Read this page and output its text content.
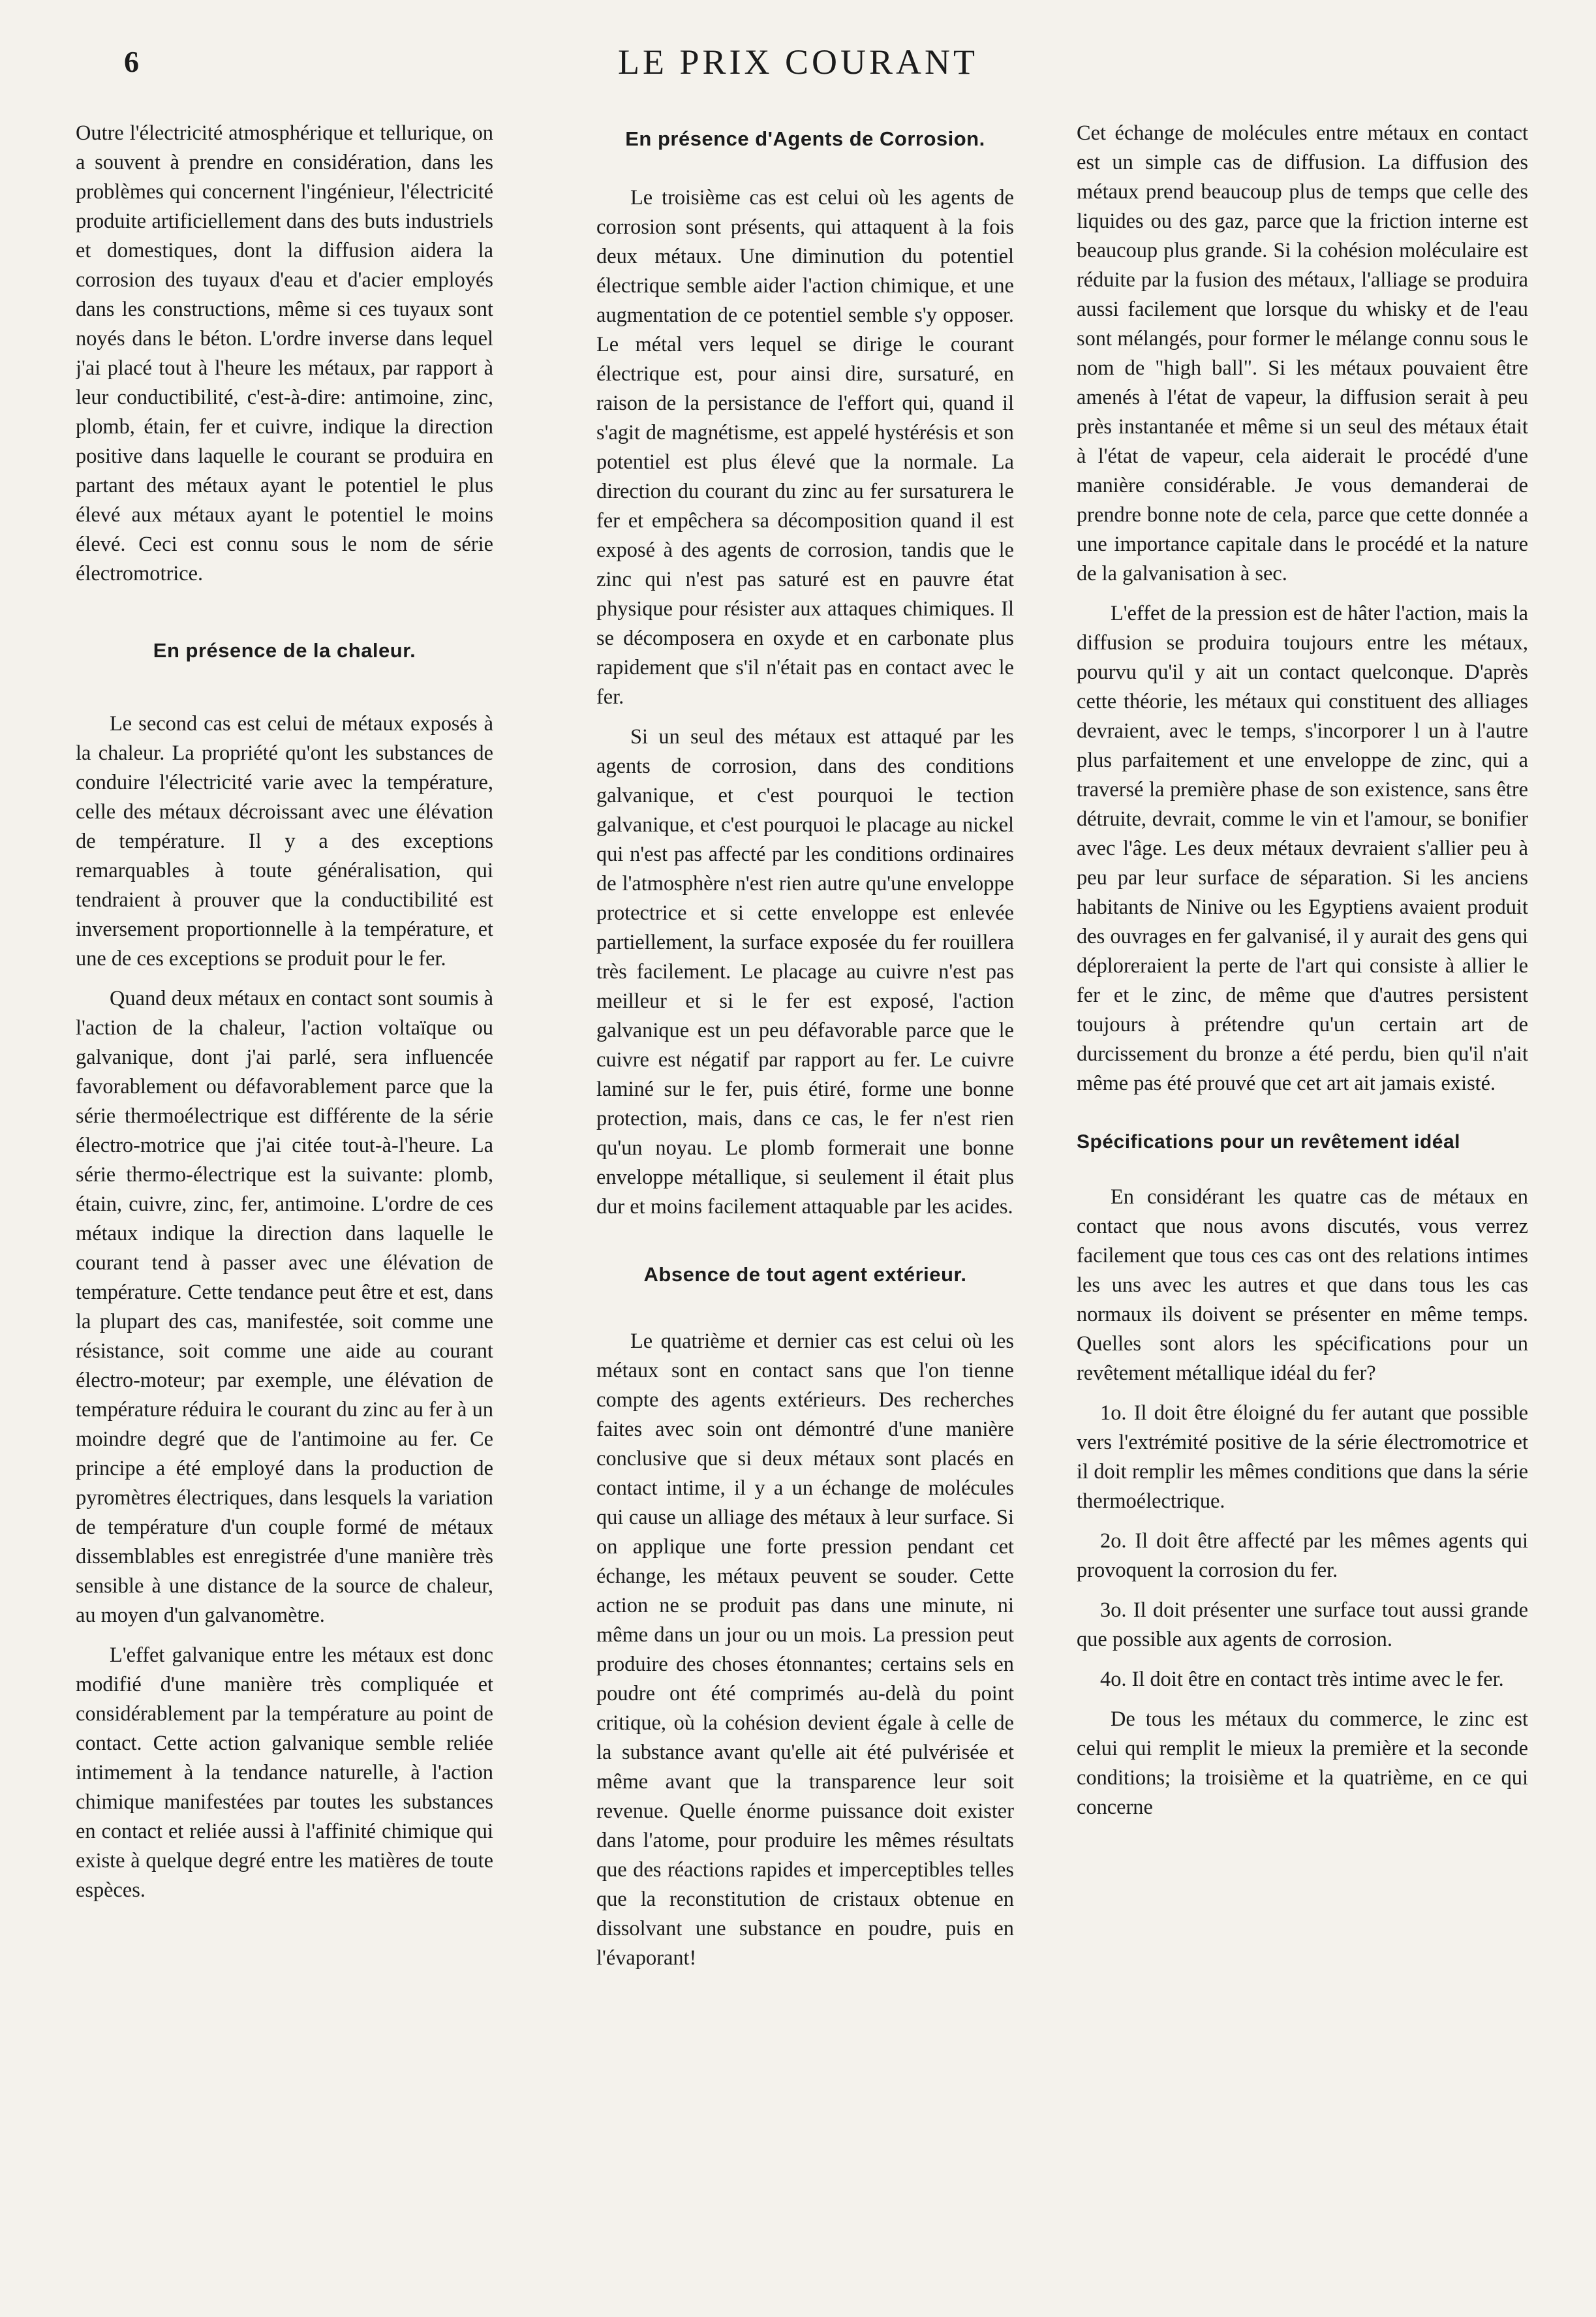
6	LE PRIX COURANT

Outre l'électricité atmosphérique et tellurique, on a souvent à prendre en considération, dans les problèmes qui concernent l'ingénieur, l'électricité produite artificiellement dans des buts industriels et domestiques, dont la diffusion aidera la corrosion des tuyaux d'eau et d'acier employés dans les constructions, même si ces tuyaux sont noyés dans le béton. L'ordre inverse dans lequel j'ai placé tout à l'heure les métaux, par rapport à leur conductibilité, c'est-à-dire: antimoine, zinc, plomb, étain, fer et cuivre, indique la direction positive dans laquelle le courant se produira en partant des métaux ayant le potentiel le plus élevé aux métaux ayant le potentiel le moins élevé. Ceci est connu sous le nom de série électromotrice.

En présence de la chaleur.

Le second cas est celui de métaux exposés à la chaleur. La propriété qu'ont les substances de conduire l'électricité varie avec la température, celle des métaux décroissant avec une élévation de température. Il y a des exceptions remarquables à toute généralisation, qui tendraient à prouver que la conductibilité est inversement proportionnelle à la température, et une de ces exceptions se produit pour le fer.

Quand deux métaux en contact sont soumis à l'action de la chaleur, l'action voltaïque ou galvanique, dont j'ai parlé, sera influencée favorablement ou défavorablement parce que la série thermoélectrique est différente de la série électro-motrice que j'ai citée tout-à-l'heure. La série thermo-électrique est la suivante: plomb, étain, cuivre, zinc, fer, antimoine. L'ordre de ces métaux indique la direction dans laquelle le courant tend à passer avec une élévation de température. Cette tendance peut être et est, dans la plupart des cas, manifestée, soit comme une résistance, soit comme une aide au courant électro-moteur; par exemple, une élévation de température réduira le courant du zinc au fer à un moindre degré que de l'antimoine au fer. Ce principe a été employé dans la production de pyromètres électriques, dans lesquels la variation de température d'un couple formé de métaux dissemblables est enregistrée d'une manière très sensible à une distance de la source de chaleur, au moyen d'un galvanomètre.

L'effet galvanique entre les métaux est donc modifié d'une manière très compliquée et considérablement par la température au point de contact. Cette action galvanique semble reliée intimement à la tendance naturelle, à l'action chimique manifestées par toutes les substances en contact et reliée aussi à l'affinité chimique qui existe à quelque degré entre les matières de toute espèces.

En présence d'Agents de Corrosion.

Le troisième cas est celui où les agents de corrosion sont présents, qui attaquent à la fois deux métaux. Une diminution du potentiel électrique semble aider l'action chimique, et une augmentation de ce potentiel semble s'y opposer. Le métal vers lequel se dirige le courant électrique est, pour ainsi dire, sursaturé, en raison de la persistance de l'effort qui, quand il s'agit de magnétisme, est appelé hystérésis et son potentiel est plus élevé que la normale. La direction du courant du zinc au fer sursaturera le fer et empêchera sa décomposition quand il est exposé à des agents de corrosion, tandis que le zinc qui n'est pas saturé est en pauvre état physique pour résister aux attaques chimiques. Il se décomposera en oxyde et en carbonate plus rapidement que s'il n'était pas en contact avec le fer.

Si un seul des métaux est attaqué par les agents de corrosion, dans des conditions galvanique, et c'est pourquoi le tection galvanique, et c'est pourquoi le placage au nickel qui n'est pas affecté par les conditions ordinaires de l'atmosphère n'est rien autre qu'une enveloppe protectrice et si cette enveloppe est enlevée partiellement, la surface exposée du fer rouillera très facilement. Le placage au cuivre n'est pas meilleur et si le fer est exposé, l'action galvanique est un peu défavorable parce que le cuivre est négatif par rapport au fer. Le cuivre laminé sur le fer, puis étiré, forme une bonne protection, mais, dans ce cas, le fer n'est rien qu'un noyau. Le plomb formerait une bonne enveloppe métallique, si seulement il était plus dur et moins facilement attaquable par les acides.

Absence de tout agent extérieur.

Le quatrième et dernier cas est celui où les métaux sont en contact sans que l'on tienne compte des agents extérieurs. Des recherches faites avec soin ont démontré d'une manière conclusive que si deux métaux sont placés en contact intime, il y a un échange de molécules qui cause un alliage des métaux à leur surface. Si on applique une forte pression pendant cet échange, les métaux peuvent se souder. Cette action ne se produit pas dans une minute, ni même dans un jour ou un mois. La pression peut produire des choses étonnantes; certains sels en poudre ont été comprimés au-delà du point critique, où la cohésion devient égale à celle de la substance avant qu'elle ait été pulvérisée et même avant que la transparence leur soit revenue. Quelle énorme puissance doit exister dans l'atome, pour produire les mêmes résultats que des réactions rapides et imperceptibles telles que la reconstitution de cristaux obtenue en dissolvant une substance en poudre, puis en l'évaporant!

Cet échange de molécules entre métaux en contact est un simple cas de diffusion. La diffusion des métaux prend beaucoup plus de temps que celle des liquides ou des gaz, parce que la friction interne est beaucoup plus grande. Si la cohésion moléculaire est réduite par la fusion des métaux, l'alliage se produira aussi facilement que lorsque du whisky et de l'eau sont mélangés, pour former le mélange connu sous le nom de "high ball". Si les métaux pouvaient être amenés à l'état de vapeur, la diffusion serait à peu près instantanée et même si un seul des métaux était à l'état de vapeur, cela aiderait le procédé d'une manière considérable. Je vous demanderai de prendre bonne note de cela, parce que cette donnée a une importance capitale dans le procédé et la nature de la galvanisation à sec.

L'effet de la pression est de hâter l'action, mais la diffusion se produira toujours entre les métaux, pourvu qu'il y ait un contact quelconque. D'après cette théorie, les métaux qui constituent des alliages devraient, avec le temps, s'incorporer l un à l'autre plus parfaitement et une enveloppe de zinc, qui a traversé la première phase de son existence, sans être détruite, devrait, comme le vin et l'amour, se bonifier avec l'âge. Les deux métaux devraient s'allier peu à peu par leur surface de séparation. Si les anciens habitants de Ninive ou les Egyptiens avaient produit des ouvrages en fer galvanisé, il y aurait des gens qui déploreraient la perte de l'art qui consiste à allier le fer et le zinc, de même que d'autres persistent toujours à prétendre qu'un certain art de durcissement du bronze a été perdu, bien qu'il n'ait même pas été prouvé que cet art ait jamais existé.

Spécifications pour un revêtement idéal

En considérant les quatre cas de métaux en contact que nous avons discutés, vous verrez facilement que tous ces cas ont des relations intimes les uns avec les autres et que dans tous les cas normaux ils doivent se présenter en même temps. Quelles sont alors les spécifications pour un revêtement métallique idéal du fer?

1o. Il doit être éloigné du fer autant que possible vers l'extrémité positive de la série électromotrice et il doit remplir les mêmes conditions que dans la série thermoélectrique.

2o. Il doit être affecté par les mêmes agents qui provoquent la corrosion du fer.

3o. Il doit présenter une surface tout aussi grande que possible aux agents de corrosion.

4o. Il doit être en contact très intime avec le fer.

De tous les métaux du commerce, le zinc est celui qui remplit le mieux la première et la seconde conditions; la troisième et la quatrième, en ce qui concerne
